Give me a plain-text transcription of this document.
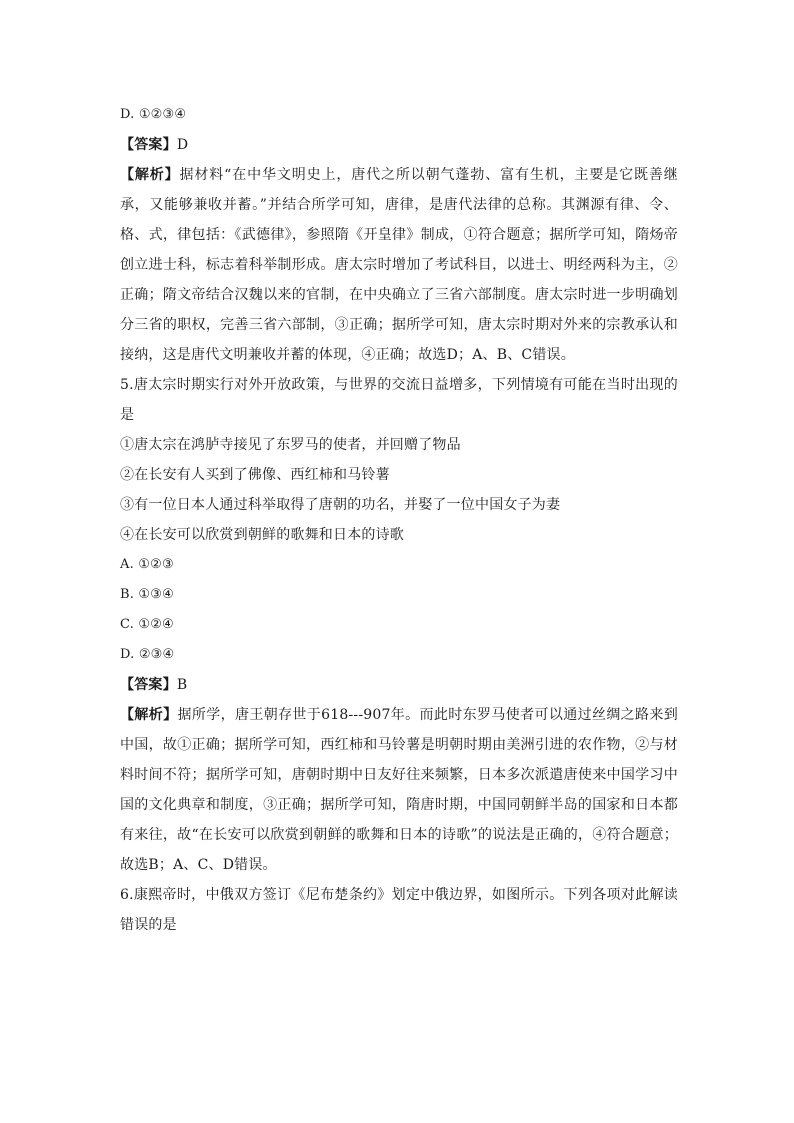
D. ①②③④
【答案】D
【解析】据材料“在中华文明史上，唐代之所以朝气蓬勃、富有生机，主要是它既善继承，又能够兼收并蓄。”并结合所学可知，唐律，是唐代法律的总称。其渊源有律、令、格、式，律包括：《武德律》，参照隋《开皇律》制成，①符合题意；据所学可知，隋炀帝创立进士科，标志着科举制形成。唐太宗时增加了考试科目，以进士、明经两科为主，②正确；隋文帝结合汉魏以来的官制，在中央确立了三省六部制度。唐太宗时进一步明确划分三省的职权，完善三省六部制，③正确；据所学可知，唐太宗时期对外来的宗教承认和接纳，这是唐代文明兼收并蓄的体现，④正确；故选D；A、B、C错误。
5.唐太宗时期实行对外开放政策，与世界的交流日益增多，下列情境有可能在当时出现的是
①唐太宗在鸿胪寺接见了东罗马的使者，并回赠了物品
②在长安有人买到了佛像、西红柿和马铃薯
③有一位日本人通过科举取得了唐朝的功名，并娶了一位中国女子为妻
④在长安可以欣赏到朝鲜的歌舞和日本的诗歌
A. ①②③
B. ①③④
C. ①②④
D. ②③④
【答案】B
【解析】据所学，唐王朝存世于618---907年。而此时东罗马使者可以通过丝绸之路来到中国，故①正确；据所学可知，西红柿和马铃薯是明朝时期由美洲引进的农作物，②与材料时间不符；据所学可知，唐朝时期中日友好往来频繁，日本多次派遣唐使来中国学习中国的文化典章和制度，③正确；据所学可知，隋唐时期，中国同朝鲜半岛的国家和日本都有来往，故“在长安可以欣赏到朝鲜的歌舞和日本的诗歌”的说法是正确的，④符合题意；故选B；A、C、D错误。
6.康熙帝时，中俄双方签订《尼布楚条约》划定中俄边界，如图所示。下列各项对此解读错误的是
